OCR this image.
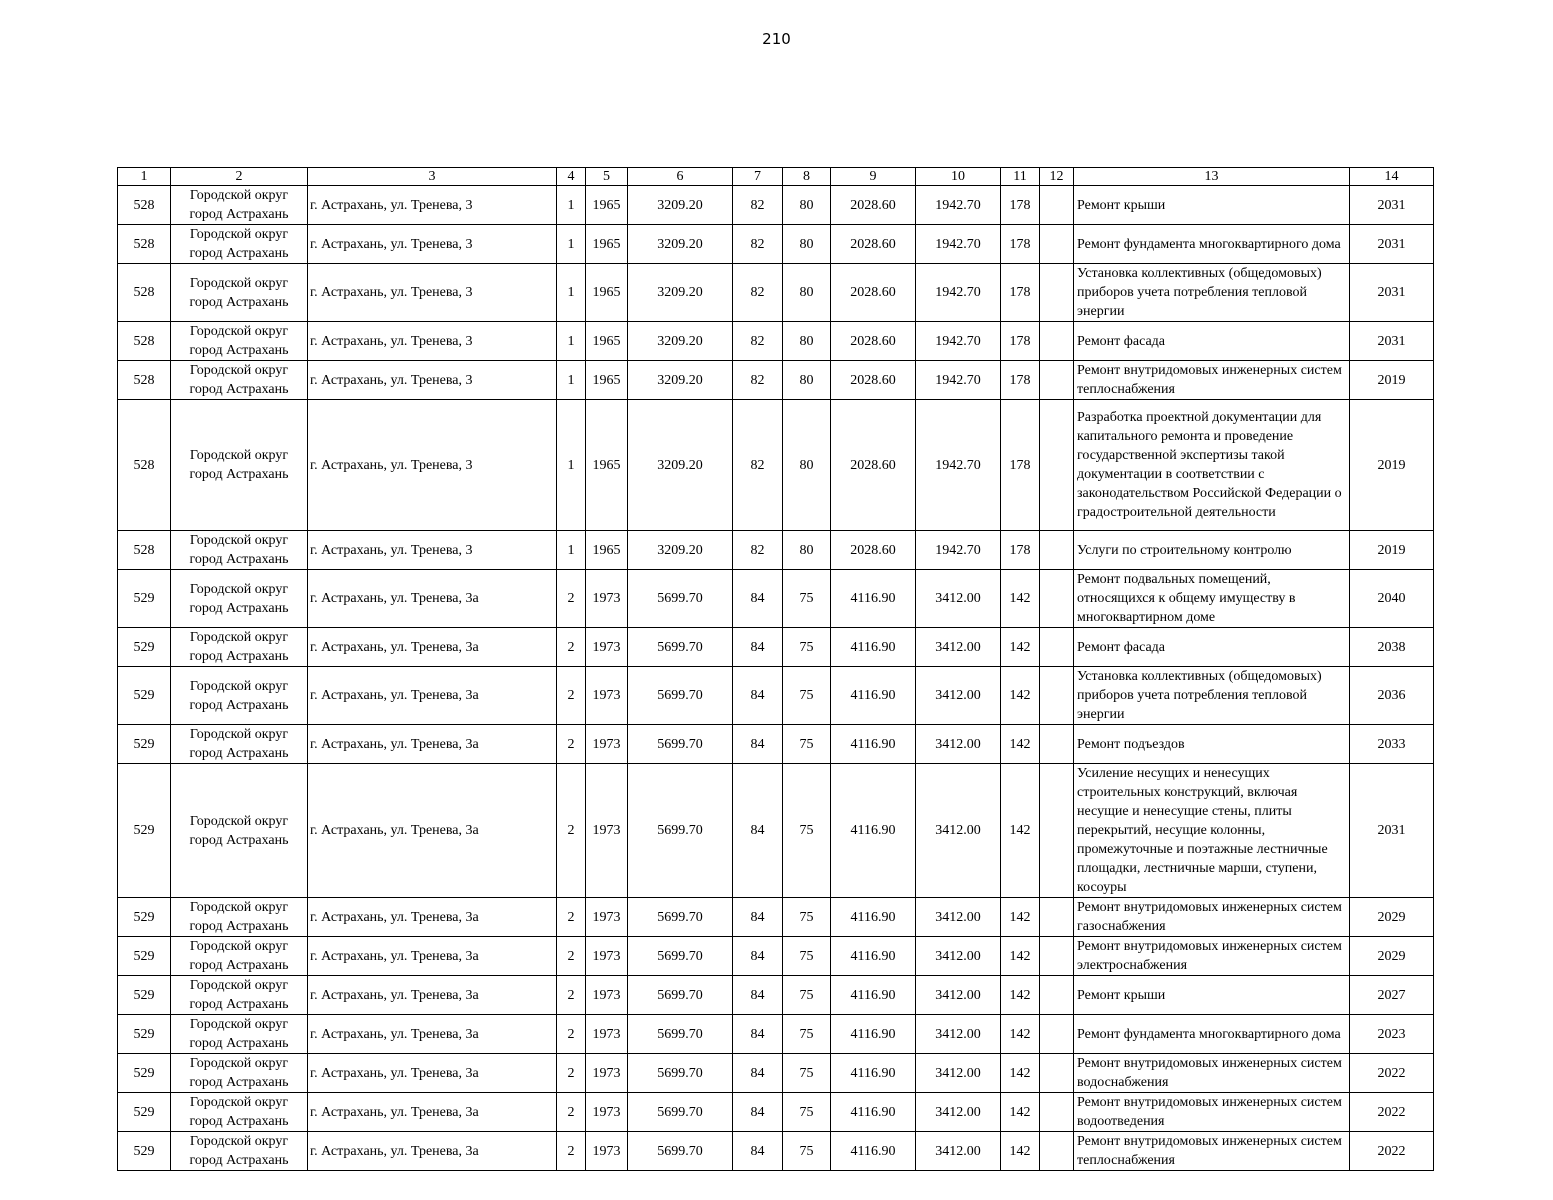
210
1	2	3	4	5	6	7	8	9	10	11	12	13	14
528	Городской округ город Астрахань	г. Астрахань, ул. Тренева, 3	1	1965	3209.20	82	80	2028.60	1942.70	178		Ремонт крыши	2031
528	Городской округ город Астрахань	г. Астрахань, ул. Тренева, 3	1	1965	3209.20	82	80	2028.60	1942.70	178		Ремонт фундамента многоквартирного дома	2031
528	Городской округ город Астрахань	г. Астрахань, ул. Тренева, 3	1	1965	3209.20	82	80	2028.60	1942.70	178		Установка коллективных (общедомовых) приборов учета потребления тепловой энергии	2031
528	Городской округ город Астрахань	г. Астрахань, ул. Тренева, 3	1	1965	3209.20	82	80	2028.60	1942.70	178		Ремонт фасада	2031
528	Городской округ город Астрахань	г. Астрахань, ул. Тренева, 3	1	1965	3209.20	82	80	2028.60	1942.70	178		Ремонт внутридомовых инженерных систем теплоснабжения	2019
528	Городской округ город Астрахань	г. Астрахань, ул. Тренева, 3	1	1965	3209.20	82	80	2028.60	1942.70	178		Разработка проектной документации для капитального ремонта и проведение государственной экспертизы такой документации в соответствии с законодательством Российской Федерации о градостроительной деятельности	2019
528	Городской округ город Астрахань	г. Астрахань, ул. Тренева, 3	1	1965	3209.20	82	80	2028.60	1942.70	178		Услуги по строительному контролю	2019
529	Городской округ город Астрахань	г. Астрахань, ул. Тренева, 3а	2	1973	5699.70	84	75	4116.90	3412.00	142		Ремонт подвальных помещений, относящихся к общему имуществу в многоквартирном доме	2040
529	Городской округ город Астрахань	г. Астрахань, ул. Тренева, 3а	2	1973	5699.70	84	75	4116.90	3412.00	142		Ремонт фасада	2038
529	Городской округ город Астрахань	г. Астрахань, ул. Тренева, 3а	2	1973	5699.70	84	75	4116.90	3412.00	142		Установка коллективных (общедомовых) приборов учета потребления тепловой энергии	2036
529	Городской округ город Астрахань	г. Астрахань, ул. Тренева, 3а	2	1973	5699.70	84	75	4116.90	3412.00	142		Ремонт подъездов	2033
529	Городской округ город Астрахань	г. Астрахань, ул. Тренева, 3а	2	1973	5699.70	84	75	4116.90	3412.00	142		Усиление несущих и ненесущих строительных конструкций, включая несущие и ненесущие стены, плиты перекрытий, несущие колонны, промежуточные и поэтажные лестничные площадки, лестничные марши, ступени, косоуры	2031
529	Городской округ город Астрахань	г. Астрахань, ул. Тренева, 3а	2	1973	5699.70	84	75	4116.90	3412.00	142		Ремонт внутридомовых инженерных систем газоснабжения	2029
529	Городской округ город Астрахань	г. Астрахань, ул. Тренева, 3а	2	1973	5699.70	84	75	4116.90	3412.00	142		Ремонт внутридомовых инженерных систем электроснабжения	2029
529	Городской округ город Астрахань	г. Астрахань, ул. Тренева, 3а	2	1973	5699.70	84	75	4116.90	3412.00	142		Ремонт крыши	2027
529	Городской округ город Астрахань	г. Астрахань, ул. Тренева, 3а	2	1973	5699.70	84	75	4116.90	3412.00	142		Ремонт фундамента многоквартирного дома	2023
529	Городской округ город Астрахань	г. Астрахань, ул. Тренева, 3а	2	1973	5699.70	84	75	4116.90	3412.00	142		Ремонт внутридомовых инженерных систем водоснабжения	2022
529	Городской округ город Астрахань	г. Астрахань, ул. Тренева, 3а	2	1973	5699.70	84	75	4116.90	3412.00	142		Ремонт внутридомовых инженерных систем водоотведения	2022
529	Городской округ город Астрахань	г. Астрахань, ул. Тренева, 3а	2	1973	5699.70	84	75	4116.90	3412.00	142		Ремонт внутридомовых инженерных систем теплоснабжения	2022
